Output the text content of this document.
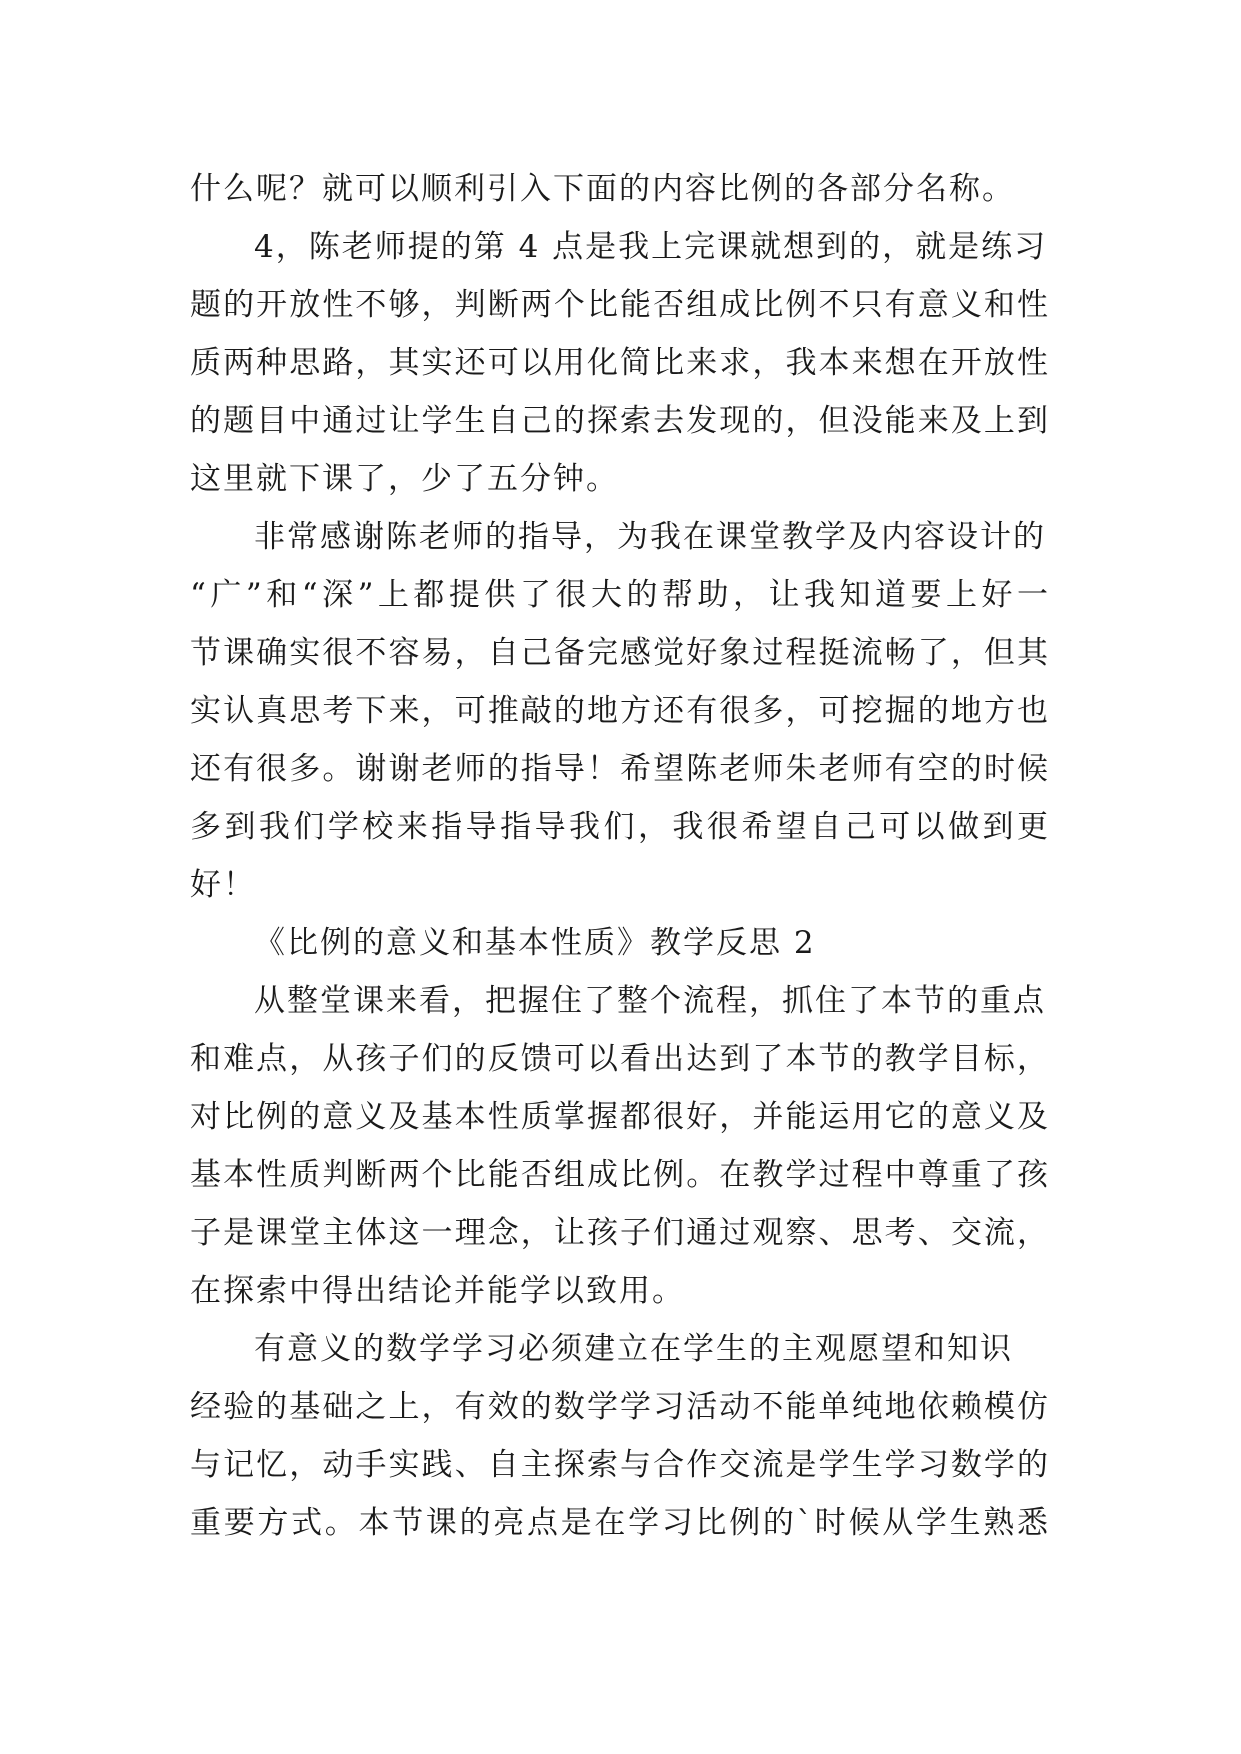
什么呢？就可以顺利引入下面的内容比例的各部分名称。
4，陈老师提的第 4 点是我上完课就想到的，就是练习
题的开放性不够，判断两个比能否组成比例不只有意义和性
质两种思路，其实还可以用化简比来求，我本来想在开放性
的题目中通过让学生自己的探索去发现的，但没能来及上到
这里就下课了，少了五分钟。
非常感谢陈老师的指导，为我在课堂教学及内容设计的
“广”和“深”上都提供了很大的帮助，让我知道要上好一
节课确实很不容易，自己备完感觉好象过程挺流畅了，但其
实认真思考下来，可推敲的地方还有很多，可挖掘的地方也
还有很多。谢谢老师的指导！希望陈老师朱老师有空的时候
多到我们学校来指导指导我们，我很希望自己可以做到更
好！
《比例的意义和基本性质》教学反思 2
从整堂课来看，把握住了整个流程，抓住了本节的重点
和难点，从孩子们的反馈可以看出达到了本节的教学目标，
对比例的意义及基本性质掌握都很好，并能运用它的意义及
基本性质判断两个比能否组成比例。在教学过程中尊重了孩
子是课堂主体这一理念，让孩子们通过观察、思考、交流，
在探索中得出结论并能学以致用。
有意义的数学学习必须建立在学生的主观愿望和知识
经验的基础之上，有效的数学学习活动不能单纯地依赖模仿
与记忆，动手实践、自主探索与合作交流是学生学习数学的
重要方式。本节课的亮点是在学习比例的`时候从学生熟悉
